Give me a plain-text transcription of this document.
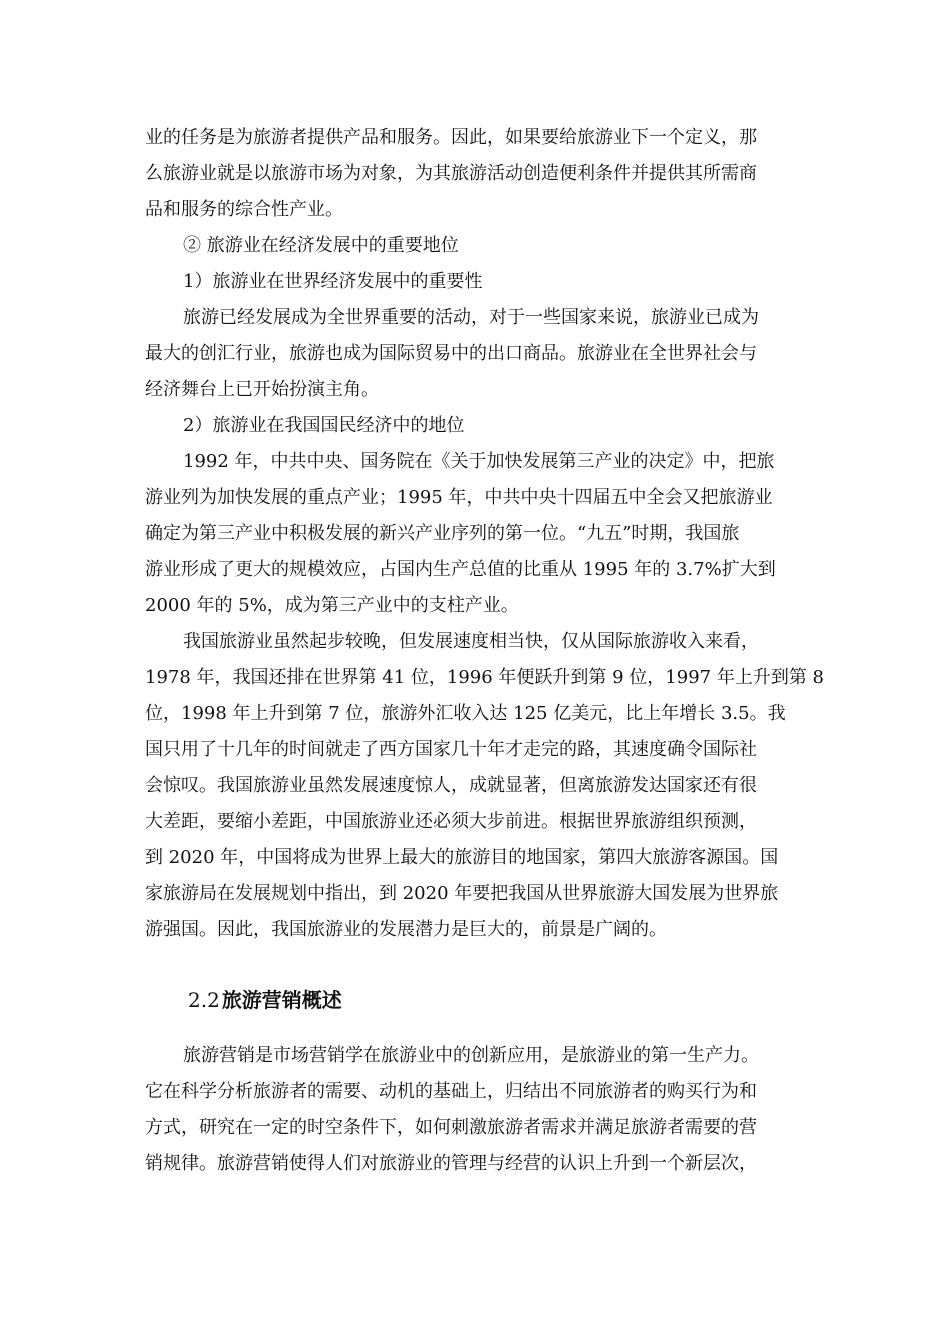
业的任务是为旅游者提供产品和服务。因此，如果要给旅游业下一个定义，那
么旅游业就是以旅游市场为对象，为其旅游活动创造便利条件并提供其所需商
品和服务的综合性产业。
② 旅游业在经济发展中的重要地位
1）旅游业在世界经济发展中的重要性
旅游已经发展成为全世界重要的活动，对于一些国家来说，旅游业已成为
最大的创汇行业，旅游也成为国际贸易中的出口商品。旅游业在全世界社会与
经济舞台上已开始扮演主角。
2）旅游业在我国国民经济中的地位
1992 年，中共中央、国务院在《关于加快发展第三产业的决定》中，把旅
游业列为加快发展的重点产业；1995 年，中共中央十四届五中全会又把旅游业
确定为第三产业中积极发展的新兴产业序列的第一位。“九五”时期，我国旅
游业形成了更大的规模效应，占国内生产总值的比重从 1995 年的 3.7%扩大到
2000 年的 5%，成为第三产业中的支柱产业。
我国旅游业虽然起步较晚，但发展速度相当快，仅从国际旅游收入来看，
1978 年，我国还排在世界第 41 位，1996 年便跃升到第 9 位，1997 年上升到第 8
位，1998 年上升到第 7 位，旅游外汇收入达 125 亿美元，比上年增长 3.5。我
国只用了十几年的时间就走了西方国家几十年才走完的路，其速度确令国际社
会惊叹。我国旅游业虽然发展速度惊人，成就显著，但离旅游发达国家还有很
大差距，要缩小差距，中国旅游业还必须大步前进。根据世界旅游组织预测，
到 2020 年，中国将成为世界上最大的旅游目的地国家，第四大旅游客源国。国
家旅游局在发展规划中指出，到 2020 年要把我国从世界旅游大国发展为世界旅
游强国。因此，我国旅游业的发展潜力是巨大的，前景是广阔的。
2.2 旅游营销概述
旅游营销是市场营销学在旅游业中的创新应用，是旅游业的第一生产力。
它在科学分析旅游者的需要、动机的基础上，归结出不同旅游者的购买行为和
方式，研究在一定的时空条件下，如何刺激旅游者需求并满足旅游者需要的营
销规律。旅游营销使得人们对旅游业的管理与经营的认识上升到一个新层次，
